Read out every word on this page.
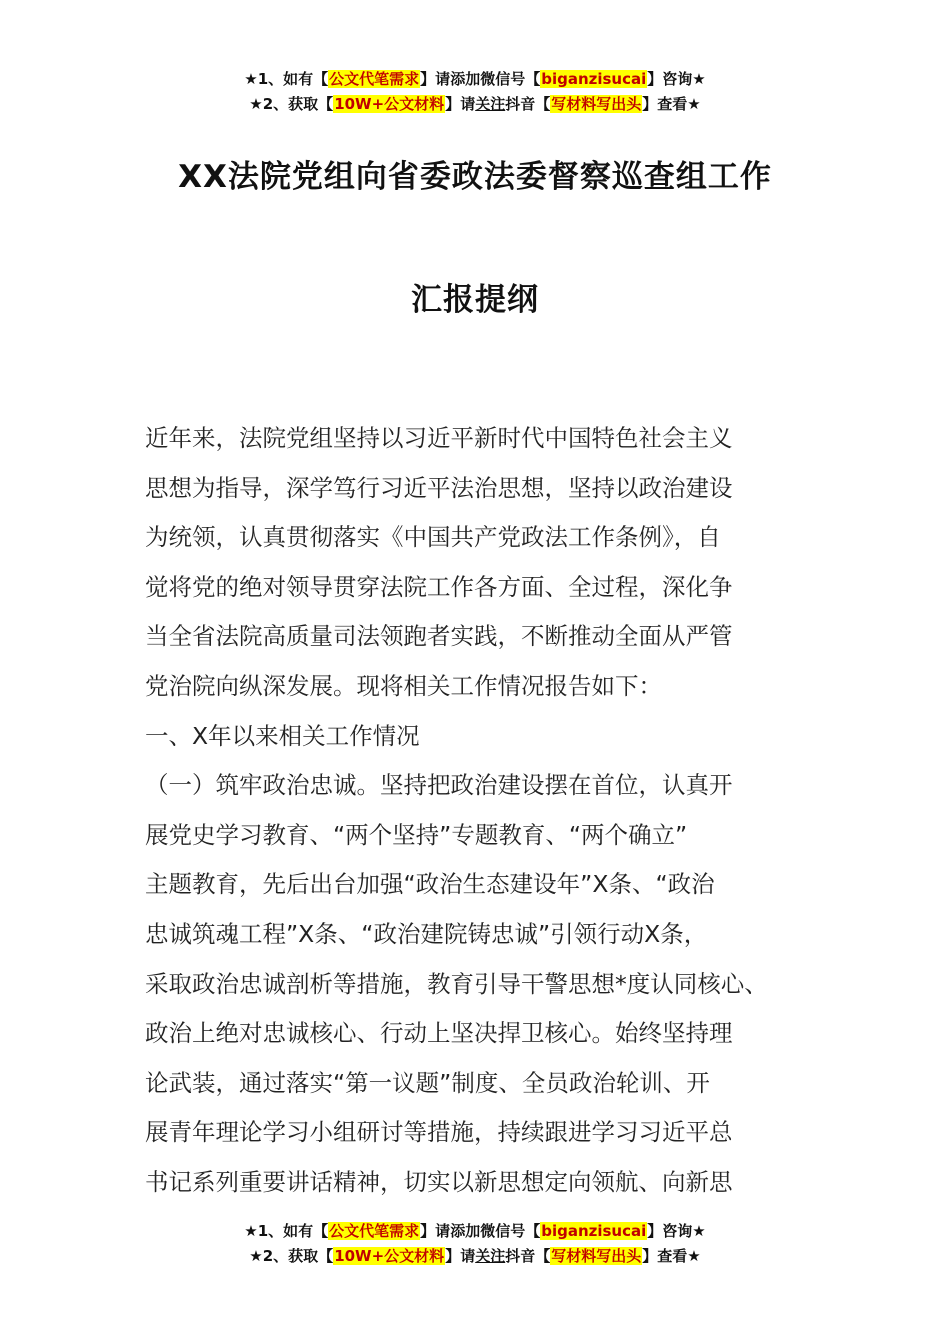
★1、如有【公文代笔需求】请添加微信号【biganzisucai】咨询★
★2、获取【10W+公文材料】请关注抖音【写材料写出头】查看★
XX法院党组向省委政法委督察巡查组工作
汇报提纲
近年来，法院党组坚持以习近平新时代中国特色社会主义
思想为指导，深学笃行习近平法治思想，坚持以政治建设
为统领，认真贯彻落实《中国共产党政法工作条例》，自
觉将党的绝对领导贯穿法院工作各方面、全过程，深化争
当全省法院高质量司法领跑者实践，不断推动全面从严管
党治院向纵深发展。现将相关工作情况报告如下：
一、X年以来相关工作情况
（一）筑牢政治忠诚。坚持把政治建设摆在首位，认真开
展党史学习教育、“两个坚持”专题教育、“两个确立”
主题教育，先后出台加强“政治生态建设年”X条、“政治
忠诚筑魂工程”X条、“政治建院铸忠诚”引领行动X条，
采取政治忠诚剖析等措施，教育引导干警思想*度认同核心、
政治上绝对忠诚核心、行动上坚决捍卫核心。始终坚持理
论武装，通过落实“第一议题”制度、全员政治轮训、开
展青年理论学习小组研讨等措施，持续跟进学习习近平总
书记系列重要讲话精神，切实以新思想定向领航、向新思
★1、如有【公文代笔需求】请添加微信号【biganzisucai】咨询★
★2、获取【10W+公文材料】请关注抖音【写材料写出头】查看★
